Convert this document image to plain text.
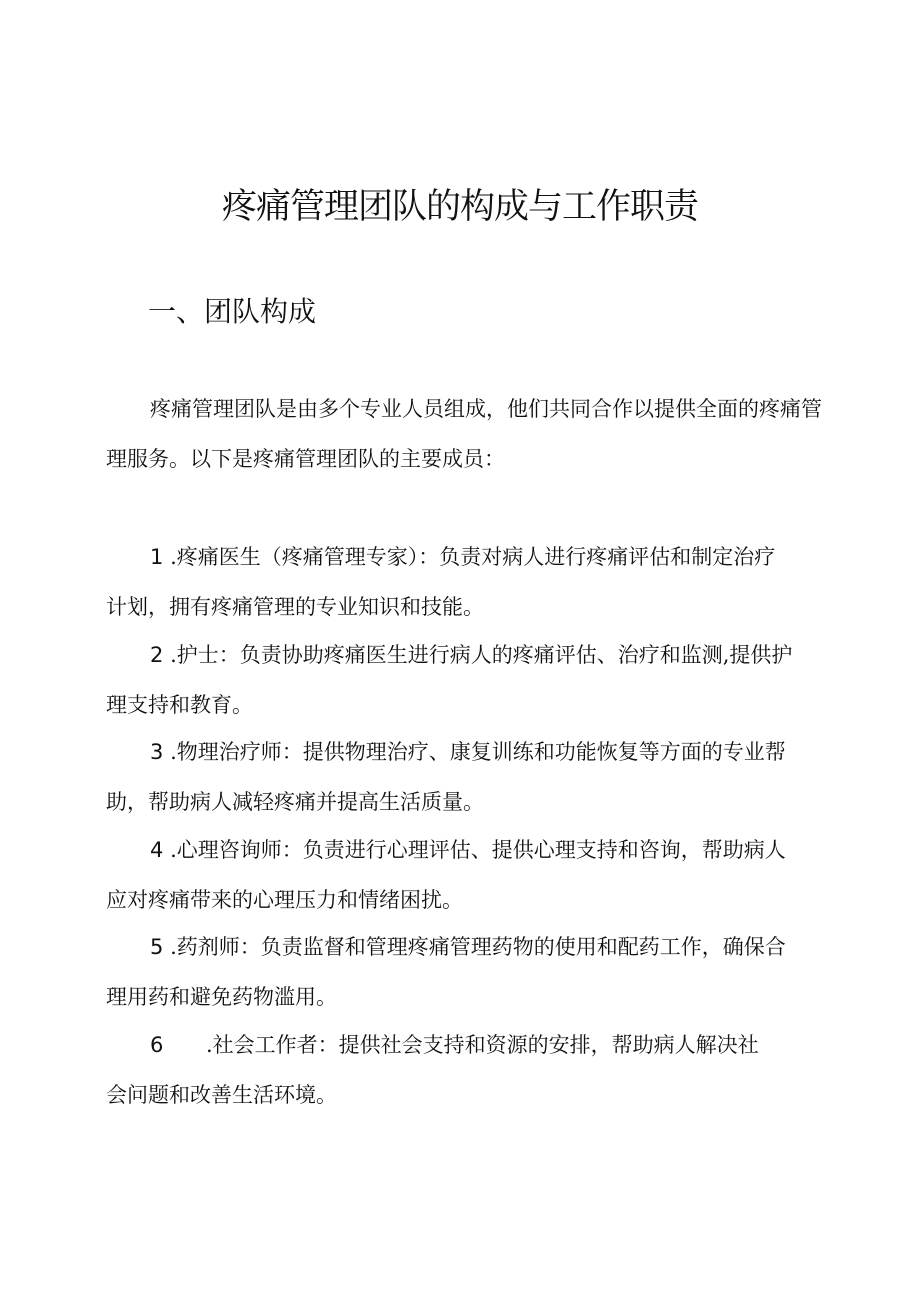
疼痛管理团队的构成与工作职责
一、团队构成

疼痛管理团队是由多个专业人员组成，他们共同合作以提供全面的疼痛管理服务。以下是疼痛管理团队的主要成员：

1 .疼痛医生（疼痛管理专家）：负责对病人进行疼痛评估和制定治疗
计划，拥有疼痛管理的专业知识和技能。
2 .护士：负责协助疼痛医生进行病人的疼痛评估、治疗和监测,提供护
理支持和教育。
3 .物理治疗师：提供物理治疗、康复训练和功能恢复等方面的专业帮
助，帮助病人减轻疼痛并提高生活质量。
4 .心理咨询师：负责进行心理评估、提供心理支持和咨询，帮助病人
应对疼痛带来的心理压力和情绪困扰。
5 .药剂师：负责监督和管理疼痛管理药物的使用和配药工作，确保合
理用药和避免药物滥用。
6 .社会工作者：提供社会支持和资源的安排，帮助病人解决社
会问题和改善生活环境。
